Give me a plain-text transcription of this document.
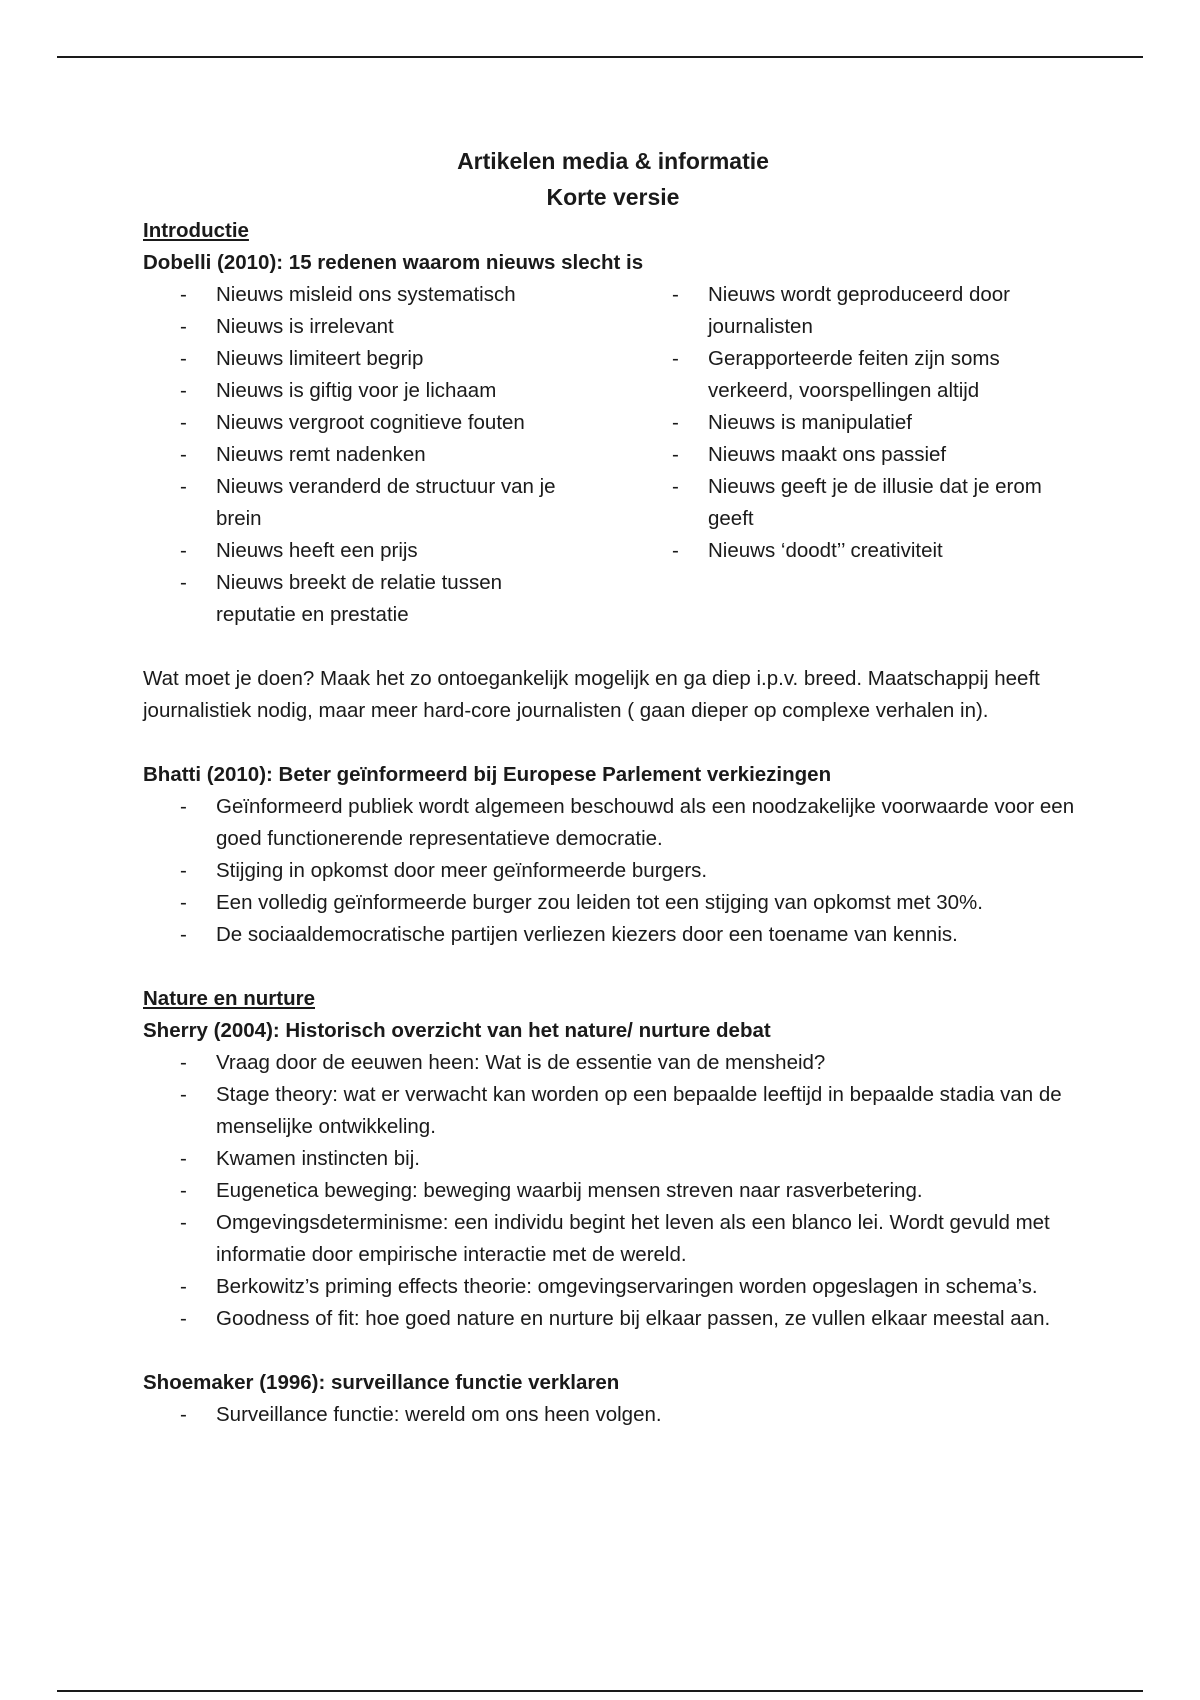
Artikelen media & informatie

Korte versie

Introductie

Dobelli (2010): 15 redenen waarom nieuws slecht is

- Nieuws misleid ons systematisch
- Nieuws is irrelevant
- Nieuws limiteert begrip
- Nieuws is giftig voor je lichaam
- Nieuws vergroot cognitieve fouten
- Nieuws remt nadenken
- Nieuws veranderd de structuur van je brein
- Nieuws heeft een prijs
- Nieuws breekt de relatie tussen reputatie en prestatie
- Nieuws wordt geproduceerd door journalisten
- Gerapporteerde feiten zijn soms verkeerd, voorspellingen altijd
- Nieuws is manipulatief
- Nieuws maakt ons passief
- Nieuws geeft je de illusie dat je erom geeft
- Nieuws ‘doodt’’ creativiteit

Wat moet je doen? Maak het zo ontoegankelijk mogelijk en ga diep i.p.v. breed. Maatschappij heeft journalistiek nodig, maar meer hard-core journalisten ( gaan dieper op complexe verhalen in).

Bhatti (2010): Beter geïnformeerd bij Europese Parlement verkiezingen

- Geïnformeerd publiek wordt algemeen beschouwd als een noodzakelijke voorwaarde voor een goed functionerende representatieve democratie.
- Stijging in opkomst door meer geïnformeerde burgers.
- Een volledig geïnformeerde burger zou leiden tot een stijging van opkomst met 30%.
- De sociaaldemocratische partijen verliezen kiezers door een toename van kennis.

Nature en nurture

Sherry (2004): Historisch overzicht van het nature/ nurture debat

- Vraag door de eeuwen heen: Wat is de essentie van de mensheid?
- Stage theory: wat er verwacht kan worden op een bepaalde leeftijd in bepaalde stadia van de menselijke ontwikkeling.
- Kwamen instincten bij.
- Eugenetica beweging: beweging waarbij mensen streven naar rasverbetering.
- Omgevingsdeterminisme: een individu begint het leven als een blanco lei. Wordt gevuld met informatie door empirische interactie met de wereld.
- Berkowitz’s priming effects theorie: omgevingservaringen worden opgeslagen in schema’s.
- Goodness of fit: hoe goed nature en nurture bij elkaar passen, ze vullen elkaar meestal aan.

Shoemaker (1996): surveillance functie verklaren

- Surveillance functie: wereld om ons heen volgen.
